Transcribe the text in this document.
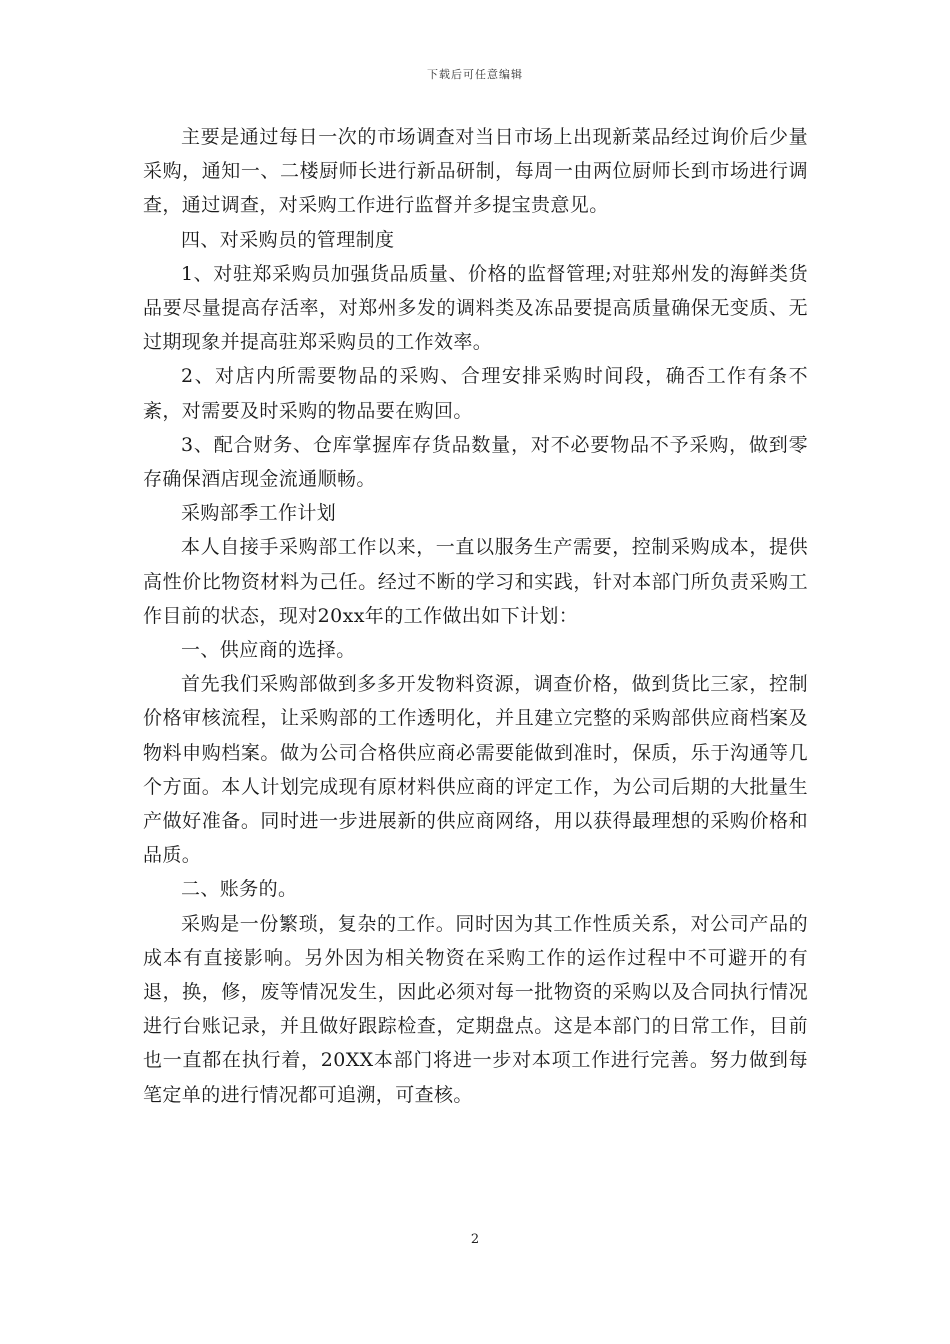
下载后可任意编辑

主要是通过每日一次的市场调查对当日市场上出现新菜品经过询价后少量采购，通知一、二楼厨师长进行新品研制，每周一由两位厨师长到市场进行调查，通过调查，对采购工作进行监督并多提宝贵意见。

四、对采购员的管理制度

1、对驻郑采购员加强货品质量、价格的监督管理;对驻郑州发的海鲜类货品要尽量提高存活率，对郑州多发的调料类及冻品要提高质量确保无变质、无过期现象并提高驻郑采购员的工作效率。

2、对店内所需要物品的采购、合理安排采购时间段，确否工作有条不紊，对需要及时采购的物品要在购回。

3、配合财务、仓库掌握库存货品数量，对不必要物品不予采购，做到零存确保酒店现金流通顺畅。

采购部季工作计划

本人自接手采购部工作以来，一直以服务生产需要，控制采购成本，提供高性价比物资材料为己任。经过不断的学习和实践，针对本部门所负责采购工作目前的状态，现对20xx年的工作做出如下计划：

一、供应商的选择。

首先我们采购部做到多多开发物料资源，调查价格，做到货比三家，控制价格审核流程，让采购部的工作透明化，并且建立完整的采购部供应商档案及物料申购档案。做为公司合格供应商必需要能做到准时，保质，乐于沟通等几个方面。本人计划完成现有原材料供应商的评定工作，为公司后期的大批量生产做好准备。同时进一步进展新的供应商网络，用以获得最理想的采购价格和品质。

二、账务的。

采购是一份繁琐，复杂的工作。同时因为其工作性质关系，对公司产品的成本有直接影响。另外因为相关物资在采购工作的运作过程中不可避开的有退，换，修，废等情况发生，因此必须对每一批物资的采购以及合同执行情况进行台账记录，并且做好跟踪检查，定期盘点。这是本部门的日常工作，目前也一直都在执行着，20XX本部门将进一步对本项工作进行完善。努力做到每笔定单的进行情况都可追溯，可查核。

2
